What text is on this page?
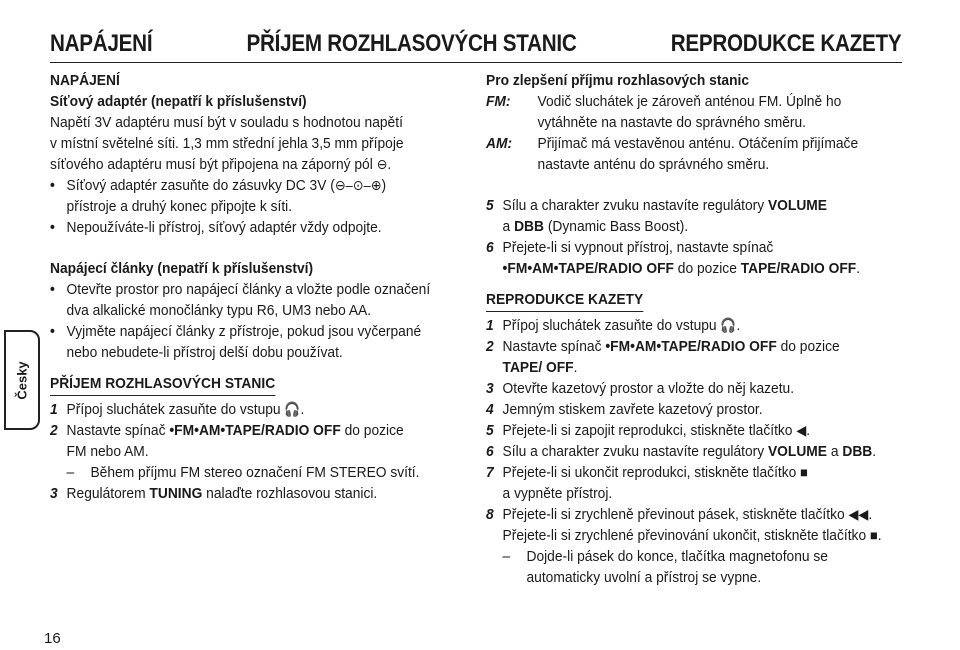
NAPÁJENÍ	PŘÍJEM ROZHLASOVÝCH STANIC	REPRODUKCE KAZETY
Česky
16
NAPÁJENÍ
Síťový adaptér (nepatří k příslušenství)

Napětí 3V adaptéru musí být v souladu s hodnotou napětí

v místní světelné síti. 1,3 mm střední jehla 3,5 mm přípoje

síťového adaptéru musí být připojena na záporný pól ⊖.

• Síťový adaptér zasuňte do zásuvky DC 3V (⊖–⊙–⊕)

přístroje a druhý konec připojte k síti.

• Nepoužíváte-li přístroj, síťový adaptér vždy odpojte.

Napájecí články (nepatří k příslušenství)
• Otevřte prostor pro napájecí články a vložte podle označení

dva alkalické monočlánky typu R6, UM3 nebo AA.

• Vyjměte napájecí články z přístroje, pokud jsou vyčerpané

nebo nebudete-li přístroj delší dobu používat.

PŘÍJEM ROZHLASOVÝCH STANIC
1 Přípoj sluchátek zasuňte do vstupu 🎧.

2 Nastavte spínač •FM•AM•TAPE/RADIO OFF do pozice

FM nebo AM.

–	Během příjmu FM stereo označení FM STEREO svítí.

3 Regulátorem TUNING nalaďte rozhlasovou stanici.

Pro zlepšení příjmu rozhlasových stanic
FM:	Vodič sluchátek je zároveň anténou FM. Úplně ho

vytáhněte na nastavte do správného směru.

AM:	Přijímač má vestavěnou anténu. Otáčením přijímače

nastavte anténu do správného směru.

5 Sílu a charakter zvuku nastavíte regulátory VOLUME

a DBB (Dynamic Bass Boost).

6 Přejete-li si vypnout přístroj, nastavte spínač

•FM•AM•TAPE/RADIO OFF do pozice TAPE/RADIO OFF.

REPRODUKCE KAZETY
1 Přípoj sluchátek zasuňte do vstupu 🎧.

2 Nastavte spínač •FM•AM•TAPE/RADIO OFF do pozice

TAPE/ OFF.

3 Otevřte kazetový prostor a vložte do něj kazetu.

4 Jemným stiskem zavřete kazetový prostor.

5 Přejete-li si zapojit reprodukci, stiskněte tlačítko ◀.

6 Sílu a charakter zvuku nastavíte regulátory VOLUME a DBB.

7 Přejete-li si ukončit reprodukci, stiskněte tlačítko ■

a vypněte přístroj.

8 Přejete-li si zrychleně převinout pásek, stiskněte tlačítko ◀◀.

Přejete-li si zrychlené převinování ukončit, stiskněte tlačítko ■.

–	Dojde-li pásek do konce, tlačítka magnetofonu se

automaticky uvolní a přístroj se vypne.
